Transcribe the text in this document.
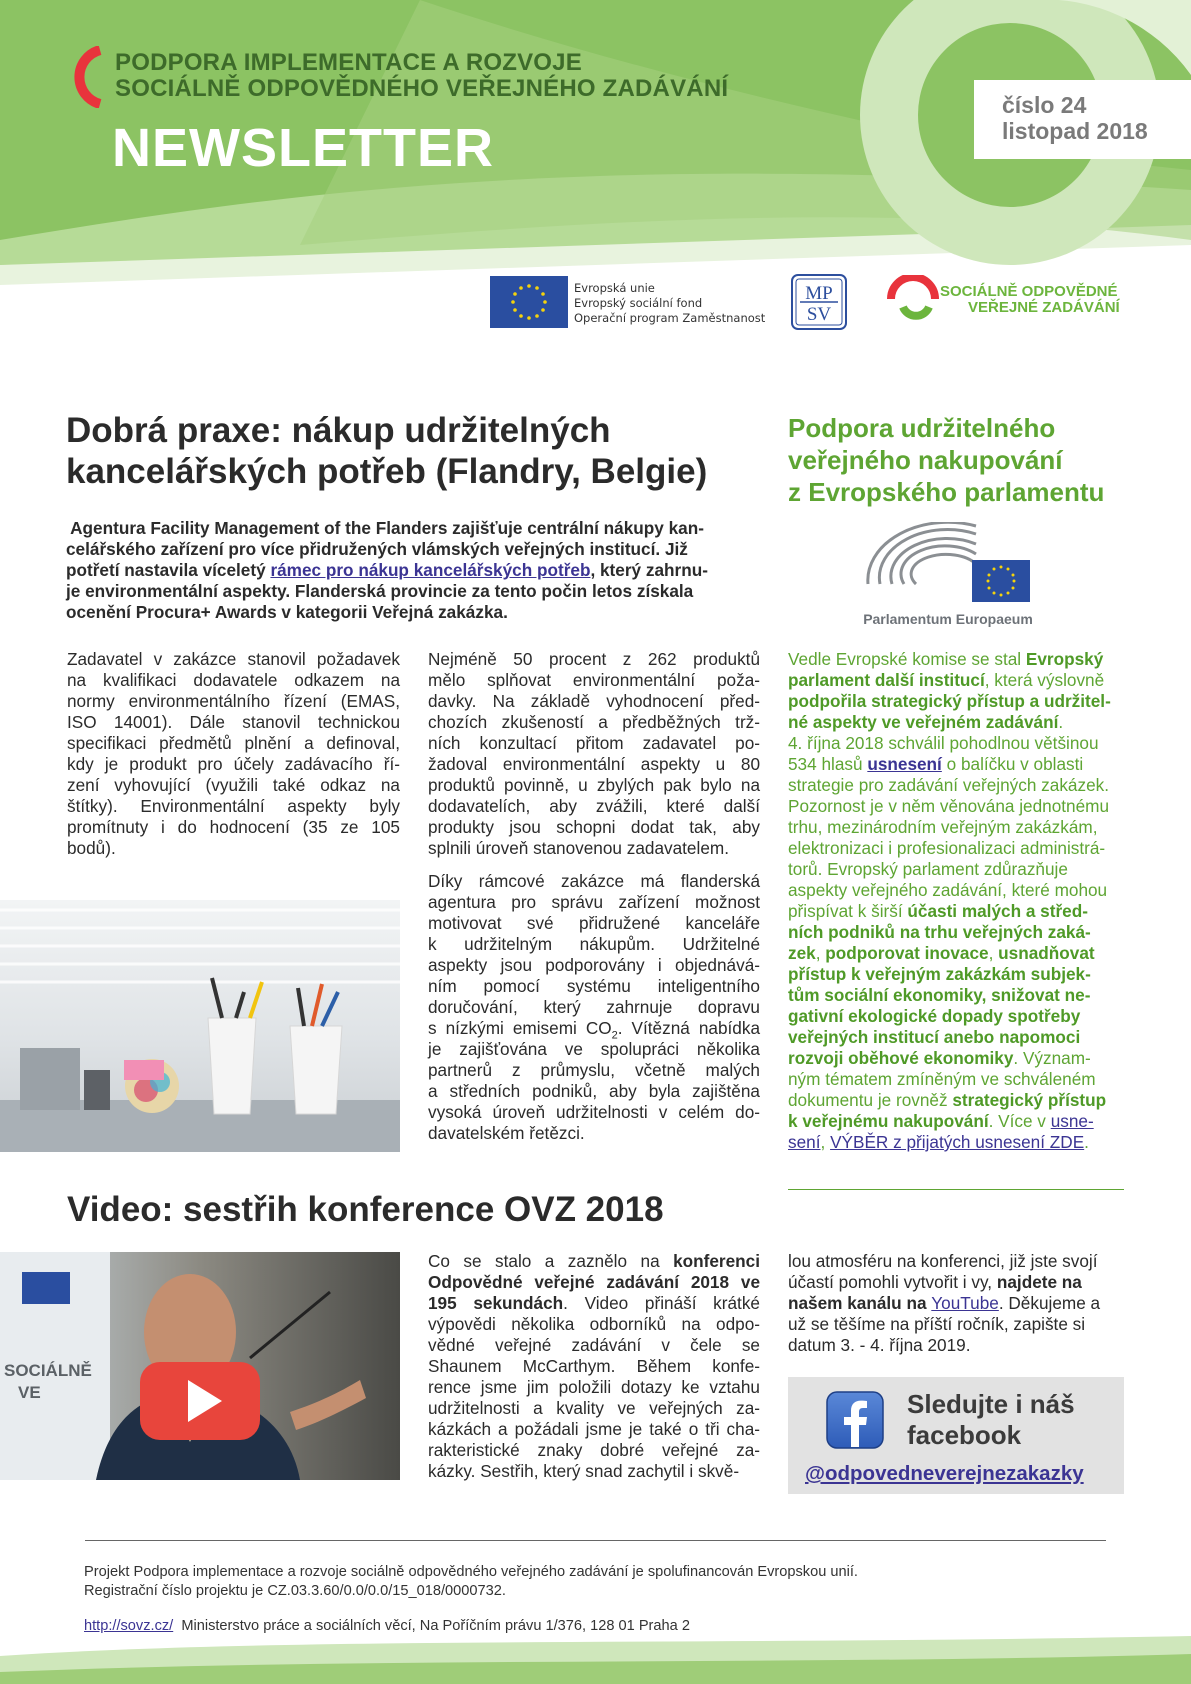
PODPORA IMPLEMENTACE A ROZVOJE
SOCIÁLNĚ ODPOVĚDNÉHO VEŘEJNÉHO ZADÁVÁNÍ
NEWSLETTER
číslo 24
listopad 2018
Evropská unie
Evropský sociální fond
Operační program Zaměstnanost
MP
SV
SOCIÁLNĚ ODPOVĚDNÉ
VEŘEJNÉ ZADÁVÁNÍ
Dobrá praxe: nákup udržitelných
kancelářských potřeb (Flandry, Belgie)
Agentura Facility Management of the Flanders zajišťuje centrální nákupy kan-
celářského zařízení pro více přidružených vlámských veřejných institucí. Již
potřetí nastavila víceletý rámec pro nákup kancelářských potřeb, který zahrnu-
je environmentální aspekty. Flanderská provincie za tento počin letos získala
ocenění Procura+ Awards v kategorii Veřejná zakázka.
Zadavatel v zakázce stanovil požadavek
na kvalifikaci dodavatele odkazem na
normy environmentálního řízení (EMAS,
ISO 14001). Dále stanovil technickou
specifikaci předmětů plnění a definoval,
kdy je produkt pro účely zadávacího ří-
zení vyhovující (využili také odkaz na
štítky). Environmentální aspekty byly
promítnuty i do hodnocení (35 ze 105
bodů).
Nejméně 50 procent z 262 produktů
mělo splňovat environmentální poža-
davky. Na základě vyhodnocení před-
chozích zkušeností a předběžných trž-
ních konzultací přitom zadavatel po-
žadoval environmentální aspekty u 80
produktů povinně, u zbylých pak bylo na
dodavatelích, aby zvážili, které další
produkty jsou schopni dodat tak, aby
splnili úroveň stanovenou zadavatelem.
Díky rámcové zakázce má flanderská
agentura pro správu zařízení možnost
motivovat své přidružené kanceláře
k udržitelným nákupům. Udržitelné
aspekty jsou podporovány i objednává-
ním pomocí systému inteligentního
doručování, který zahrnuje dopravu
s nízkými emisemi $CO_2$. Vítězná nabídka
je zajišťována ve spolupráci několika
partnerů z průmyslu, včetně malých
a středních podniků, aby byla zajištěna
vysoká úroveň udržitelnosti v celém do-
davatelském řetězci.
Podpora udržitelného
veřejného nakupování
z Evropského parlamentu
Parlamentum Europaeum
Vedle Evropské komise se stal Evropský
parlament další institucí, která výslovně
podpořila strategický přístup a udržitel-
né aspekty ve veřejném zadávání.
4. října 2018 schválil pohodlnou většinou
534 hlasů usnesení o balíčku v oblasti
strategie pro zadávání veřejných zakázek.
Pozornost je v něm věnována jednotnému
trhu, mezinárodním veřejným zakázkám,
elektronizaci i profesionalizaci administrá-
torů. Evropský parlament zdůrazňuje
aspekty veřejného zadávání, které mohou
přispívat k širší účasti malých a střed-
ních podniků na trhu veřejných zaká-
zek, podporovat inovace, usnadňovat
přístup k veřejným zakázkám subjek-
tům sociální ekonomiky, snižovat ne-
gativní ekologické dopady spotřeby
veřejných institucí anebo napomoci
rozvoji oběhové ekonomiky. Význam-
ným tématem zmíněným ve schváleném
dokumentu je rovněž strategický přístup
k veřejnému nakupování. Více v usne-
sení, VÝBĚR z přijatých usnesení ZDE.
Video: sestřih konference OVZ 2018
SOCIÁLNĚ
VE
Co se stalo a zaznělo na konferenci
Odpovědné veřejné zadávání 2018 ve
195 sekundách. Video přináší krátké
výpovědi několika odborníků na odpo-
vědné veřejné zadávání v čele se
Shaunem McCarthym. Během konfe-
rence jsme jim položili dotazy ke vztahu
udržitelnosti a kvality ve veřejných za-
kázkách a požádali jsme je také o tři cha-
rakteristické znaky dobré veřejné za-
kázky. Sestřih, který snad zachytil i skvě-
lou atmosféru na konferenci, již jste svojí
účastí pomohli vytvořit i vy, najdete na
našem kanálu na YouTube. Děkujeme a
už se těšíme na příští ročník, zapište si
datum 3. - 4. října 2019.
Sledujte i náš
facebook
@odpovedneverejnezakazky
Projekt Podpora implementace a rozvoje sociálně odpovědného veřejného zadávání je spolufinancován Evropskou unií.
Registrační číslo projektu je CZ.03.3.60/0.0/0.0/15_018/0000732.
http://sovz.cz/  Ministerstvo práce a sociálních věcí, Na Poříčním právu 1/376, 128 01 Praha 2
